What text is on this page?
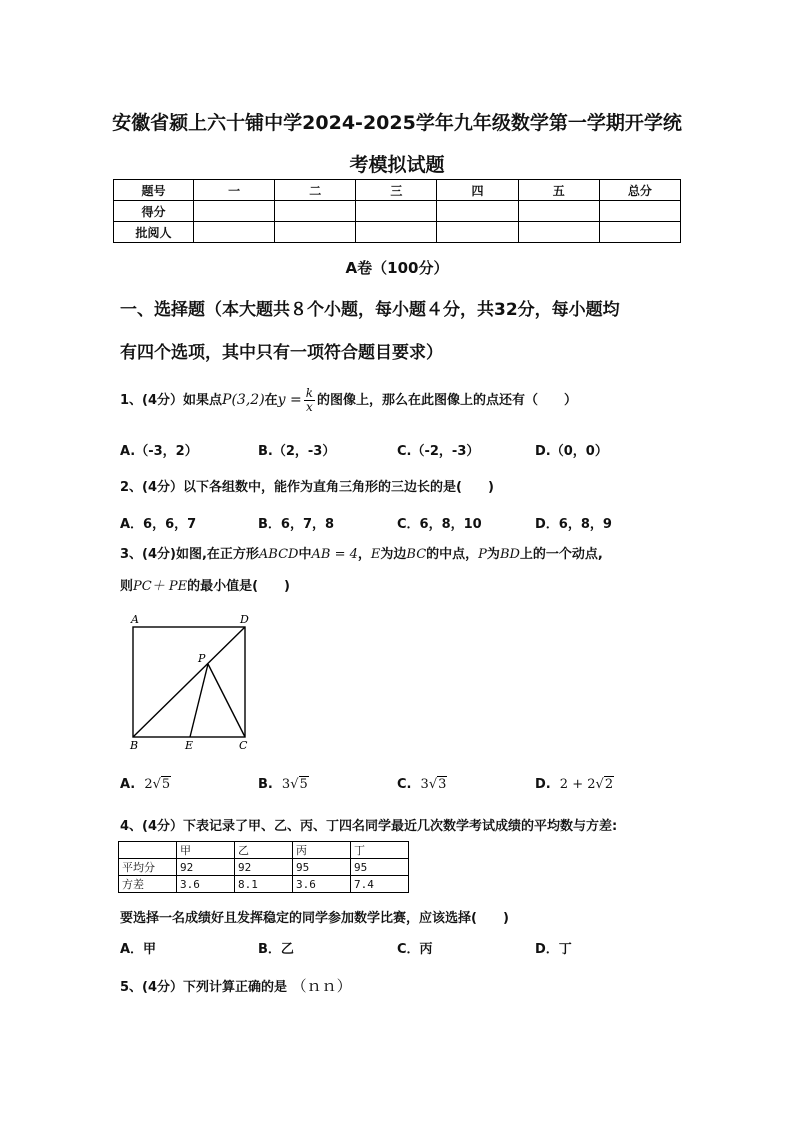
安徽省颍上六十铺中学2024-2025学年九年级数学第一学期开学统
考模拟试题
题号	一	二	三	四	五	总分
得分						
批阅人						
A卷（100分）
一、选择题（本大题共８个小题，每小题４分，共32分，每小题均
有四个选项，其中只有一项符合题目要求）
1、(4分）如果点P(3,2)在$y = \frac{k}{x}$ 的图像上，那么在此图像上的点还有（　　）
A.（-3，2）	B.（2，-3）	C.（-2，-3）	D.（0，0）
2、(4分）以下各组数中，能作为直角三角形的三边长的是(　　)
A．6，6，7	B．6，7，8	C．6，8，10	D．6，8，9
3、(4分)如图,在正方形ABCD中AB = 4，E为边BC的中点，P为BD上的一个动点,
则PC＋ PE的最小值是(　　)
A	D
P
B	E	C
A. 2√5	B. 3√5	C. 3√3	D. 2 + 2√2
4、(4分）下表记录了甲、乙、丙、丁四名同学最近几次数学考试成绩的平均数与方差:
	甲	乙	丙	丁
平均分	92	92	95	95
方差	3.6	8.1	3.6	7.4
要选择一名成绩好且发挥稳定的同学参加数学比赛，应该选择(　　)
A．甲	B．乙	C．丙	D．丁
5、(4分）下列计算正确的是 （ｎｎ）
